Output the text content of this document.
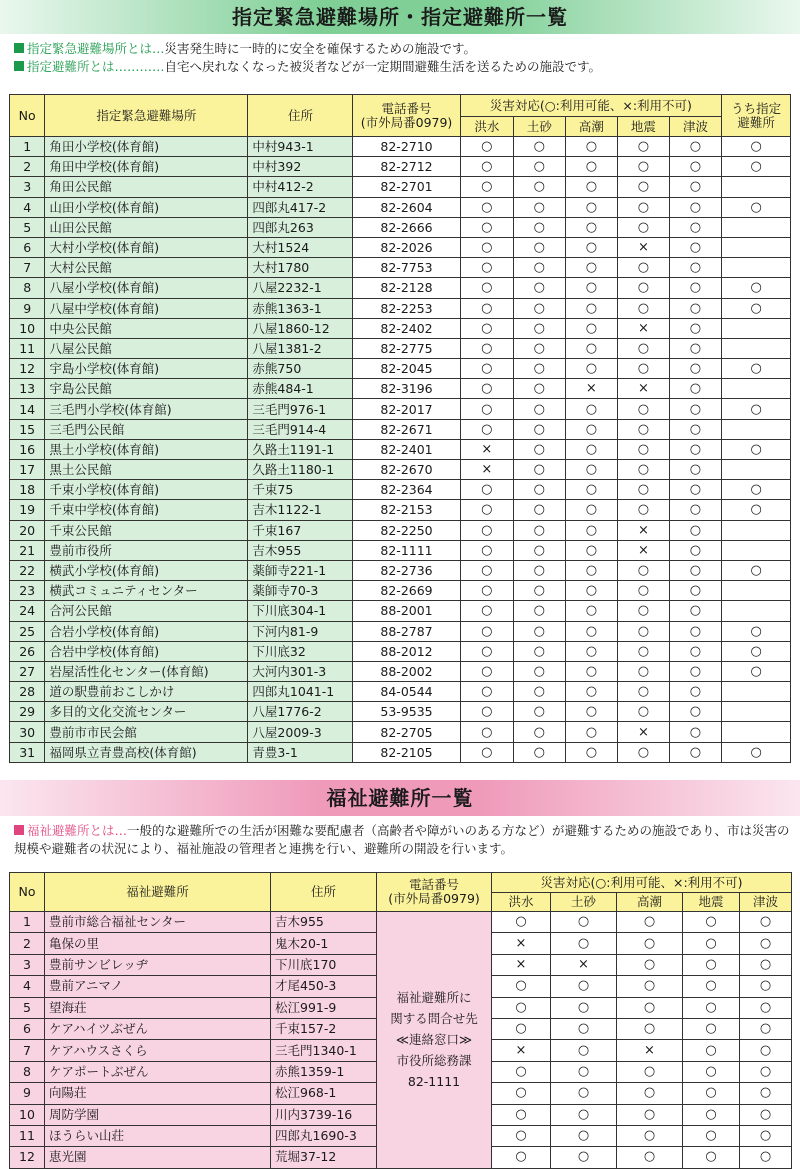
指定緊急避難場所・指定避難所一覧
指定緊急避難場所とは…災害発生時に一時的に安全を確保するための施設です。
指定避難所とは…………自宅へ戻れなくなった被災者などが一定期間避難生活を送るための施設です。
No	指定緊急避難場所	住所	電話番号
(市外局番0979)	災害対応(○:利用可能、×:利用不可)					うち指定
避難所
				洪水	土砂	高潮	地震	津波	
1	角田小学校(体育館)	中村943-1	82-2710	○	○	○	○	○	○
2	角田中学校(体育館)	中村392	82-2712	○	○	○	○	○	○
3	角田公民館	中村412-2	82-2701	○	○	○	○	○	
4	山田小学校(体育館)	四郎丸417-2	82-2604	○	○	○	○	○	○
5	山田公民館	四郎丸263	82-2666	○	○	○	○	○	
6	大村小学校(体育館)	大村1524	82-2026	○	○	○	×	○	
7	大村公民館	大村1780	82-7753	○	○	○	○	○	
8	八屋小学校(体育館)	八屋2232-1	82-2128	○	○	○	○	○	○
9	八屋中学校(体育館)	赤熊1363-1	82-2253	○	○	○	○	○	○
10	中央公民館	八屋1860-12	82-2402	○	○	○	×	○	
11	八屋公民館	八屋1381-2	82-2775	○	○	○	○	○	
12	宇島小学校(体育館)	赤熊750	82-2045	○	○	○	○	○	○
13	宇島公民館	赤熊484-1	82-3196	○	○	×	×	○	
14	三毛門小学校(体育館)	三毛門976-1	82-2017	○	○	○	○	○	○
15	三毛門公民館	三毛門914-4	82-2671	○	○	○	○	○	
16	黒土小学校(体育館)	久路土1191-1	82-2401	×	○	○	○	○	○
17	黒土公民館	久路土1180-1	82-2670	×	○	○	○	○	
18	千束小学校(体育館)	千束75	82-2364	○	○	○	○	○	○
19	千束中学校(体育館)	吉木1122-1	82-2153	○	○	○	○	○	○
20	千束公民館	千束167	82-2250	○	○	○	×	○	
21	豊前市役所	吉木955	82-1111	○	○	○	×	○	
22	横武小学校(体育館)	薬師寺221-1	82-2736	○	○	○	○	○	○
23	横武コミュニティセンター	薬師寺70-3	82-2669	○	○	○	○	○	
24	合河公民館	下川底304-1	88-2001	○	○	○	○	○	
25	合岩小学校(体育館)	下河内81-9	88-2787	○	○	○	○	○	○
26	合岩中学校(体育館)	下川底32	88-2012	○	○	○	○	○	○
27	岩屋活性化センター(体育館)	大河内301-3	88-2002	○	○	○	○	○	○
28	道の駅豊前おこしかけ	四郎丸1041-1	84-0544	○	○	○	○	○	
29	多目的文化交流センター	八屋1776-2	53-9535	○	○	○	○	○	
30	豊前市市民会館	八屋2009-3	82-2705	○	○	○	×	○	
31	福岡県立青豊高校(体育館)	青豊3-1	82-2105	○	○	○	○	○	○
福祉避難所一覧
福祉避難所とは…一般的な避難所での生活が困難な要配慮者（高齢者や障がいのある方など）が避難するための施設であり、市は災害の規模や避難者の状況により、福祉施設の管理者と連携を行い、避難所の開設を行います。
No	福祉避難所	住所	電話番号
(市外局番0979)	災害対応(○:利用可能、×:利用不可)				
				洪水	土砂	高潮	地震	津波
1	豊前市総合福祉センター	吉木955	福祉避難所に
関する問合せ先
≪連絡窓口≫
市役所総務課
82-1111	○	○	○	○	○
2	亀保の里	鬼木20-1		×	○	○	○	○
3	豊前サンビレッヂ	下川底170		×	×	○	○	○
4	豊前アニマノ	才尾450-3		○	○	○	○	○
5	望海荘	松江991-9		○	○	○	○	○
6	ケアハイツぶぜん	千束157-2		○	○	○	○	○
7	ケアハウスさくら	三毛門1340-1		×	○	×	○	○
8	ケアポートぶぜん	赤熊1359-1		○	○	○	○	○
9	向陽荘	松江968-1		○	○	○	○	○
10	周防学園	川内3739-16		○	○	○	○	○
11	ほうらい山荘	四郎丸1690-3		○	○	○	○	○
12	恵光園	荒堀37-12		○	○	○	○	○
